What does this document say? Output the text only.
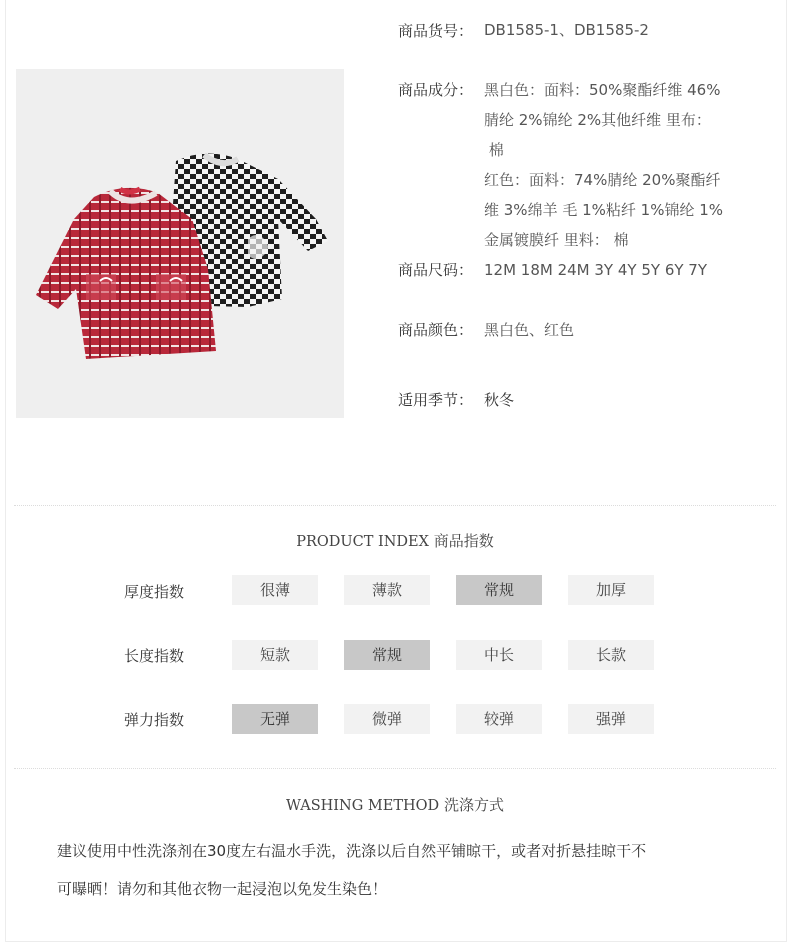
商品货号： DB1585-1、DB1585-2
商品成分： 黑白色：面料：50%聚酯纤维 46%
腈纶 2%锦纶 2%其他纤维 里布：
棉
红色：面料：74%腈纶 20%聚酯纤
维 3%绵羊 毛 1%粘纤 1%锦纶 1%
金属镀膜纤 里料： 棉
商品尺码： 12M 18M 24M 3Y 4Y 5Y 6Y 7Y
商品颜色： 黑白色、红色
适用季节： 秋冬
PRODUCT INDEX 商品指数
厚度指数	很薄	薄款	常规	加厚
长度指数	短款	常规	中长	长款
弹力指数	无弹	微弹	较弹	强弹
WASHING METHOD 洗涤方式
建议使用中性洗涤剂在30度左右温水手洗，洗涤以后自然平铺晾干，或者对折悬挂晾干不
可曝晒！请勿和其他衣物一起浸泡以免发生染色！
